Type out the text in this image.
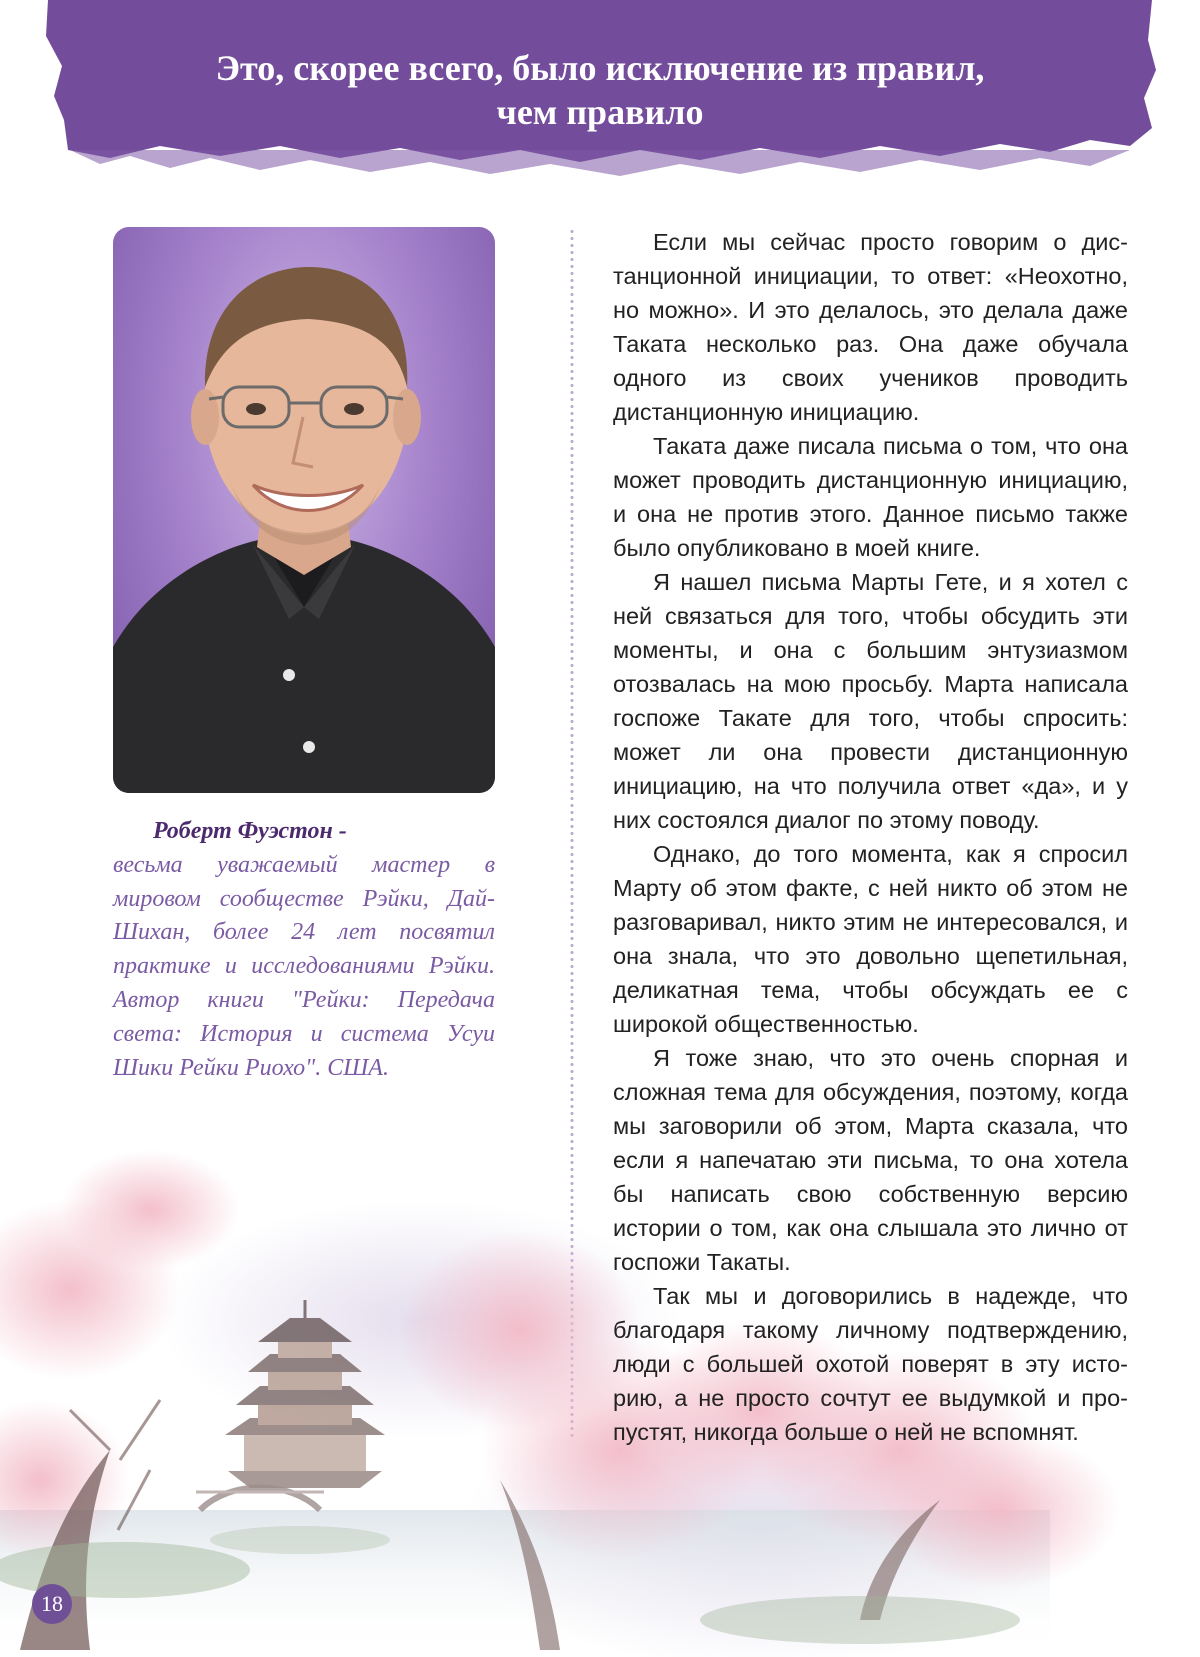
Это, скорее всего, было исключение из правил,
чем правило
Роберт Фуэстон -
весьма уважаемый мастер в мировом сообществе Рэйки, Дай-Шихан, более 24 лет посвятил практике и исследованиями Рэйки. Автор книги "Рейки: Передача света: История и система Усуи Шики Рейки Риохо". США.

Если мы сейчас просто говорим о дистанционной инициации, то ответ: «Неохотно, но можно». И это делалось, это делала даже Таката несколько раз. Она даже обучала одного из своих учеников проводить дистанционную инициацию.

Таката даже писала письма о том, что она может проводить дистанционную инициацию, и она не против этого. Данное письмо также было опубликовано в моей книге.

Я нашел письма Марты Гете, и я хотел с ней связаться для того, чтобы обсудить эти моменты, и она с большим энтузиазмом отозвалась на мою просьбу. Марта написала госпоже Такате для того, чтобы спросить: может ли она провести дистанционную инициацию, на что получила ответ «да», и у них состоялся диалог по этому поводу.

Однако, до того момента, как я спросил Марту об этом факте, с ней никто об этом не разговаривал, никто этим не интересовался, и она знала, что это довольно щепетильная, деликатная тема, чтобы обсуждать ее с широкой общественностью.

Я тоже знаю, что это очень спорная и сложная тема для обсуждения, поэтому, когда мы заговорили об этом, Марта сказала, что если я напечатаю эти письма, то она хотела бы написать свою собственную версию истории о том, как она слышала это лично от госпожи Такаты.

Так мы и договорились в надежде, что благодаря такому личному подтверждению, люди с большей охотой поверят в эту историю, а не просто сочтут ее выдумкой и пропустят, никогда больше о ней не вспомнят.

18
